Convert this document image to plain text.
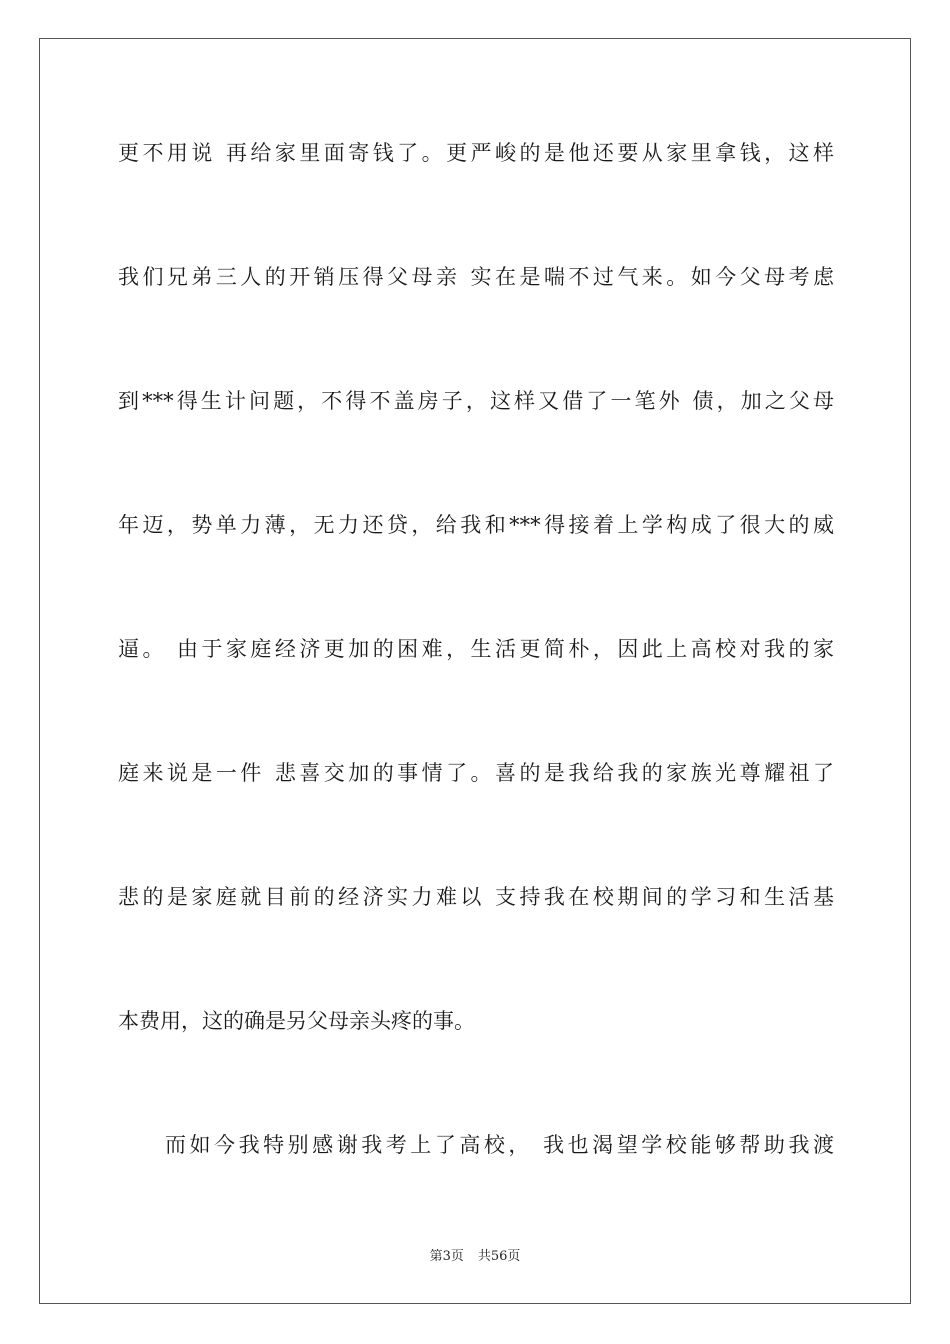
更不用说 再给家里面寄钱了。更严峻的是他还要从家里拿钱，这样
我们兄弟三人的开销压得父母亲 实在是喘不过气来。如今父母考虑
到***得生计问题，不得不盖房子，这样又借了一笔外 债，加之父母
年迈，势单力薄，无力还贷，给我和***得接着上学构成了很大的威
逼。 由于家庭经济更加的困难，生活更简朴，因此上高校对我的家
庭来说是一件 悲喜交加的事情了。喜的是我给我的家族光尊耀祖了
悲的是家庭就目前的经济实力难以 支持我在校期间的学习和生活基
本费用，这的确是另父母亲头疼的事。
而如今我特别感谢我考上了高校， 我也渴望学校能够帮助我渡
第3页 共56页
